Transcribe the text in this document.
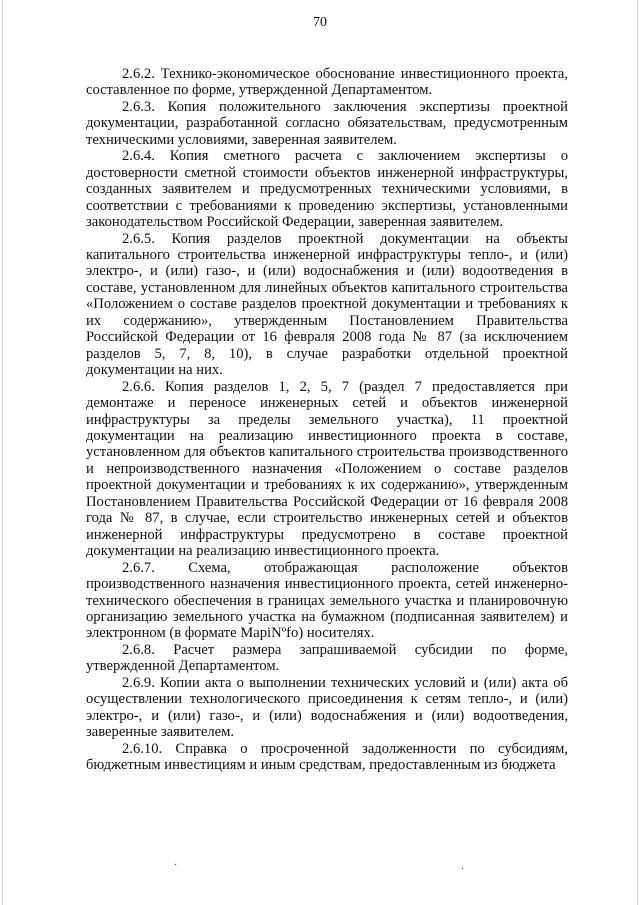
70

2.6.2. Технико-экономическое обоснование инвестиционного проекта, составленное по форме, утвержденной Департаментом.

2.6.3. Копия положительного заключения экспертизы проектной документации, разработанной согласно обязательствам, предусмотренным техническими условиями, заверенная заявителем.

2.6.4. Копия сметного расчета с заключением экспертизы о достоверности сметной стоимости объектов инженерной инфраструктуры, созданных заявителем и предусмотренных техническими условиями, в соответствии с требованиями к проведению экспертизы, установленными законодательством Российской Федерации, заверенная заявителем.

2.6.5. Копия разделов проектной документации на объекты капитального строительства инженерной инфраструктуры тепло-, и (или) электро-, и (или) газо-, и (или) водоснабжения и (или) водоотведения в составе, установленном для линейных объектов капитального строительства «Положением о составе разделов проектной документации и требованиях к их содержанию», утвержденным Постановлением Правительства Российской Федерации от 16 февраля 2008 года № 87 (за исключением разделов 5, 7, 8, 10), в случае разработки отдельной проектной документации на них.

2.6.6. Копия разделов 1, 2, 5, 7 (раздел 7 предоставляется при демонтаже и переносе инженерных сетей и объектов инженерной инфраструктуры за пределы земельного участка), 11 проектной документации на реализацию инвестиционного проекта в составе, установленном для объектов капитального строительства производственного и непроизводственного назначения «Положением о составе разделов проектной документации и требованиях к их содержанию», утвержденным Постановлением Правительства Российской Федерации от 16 февраля 2008 года № 87, в случае, если строительство инженерных сетей и объектов инженерной инфраструктуры предусмотрено в составе проектной документации на реализацию инвестиционного проекта.

2.6.7. Схема, отображающая расположение объектов производственного назначения инвестиционного проекта, сетей инженерно-технического обеспечения в границах земельного участка и планировочную организацию земельного участка на бумажном (подписанная заявителем) и электронном (в формате MapiNºfo) носителях.

2.6.8. Расчет размера запрашиваемой субсидии по форме, утвержденной Департаментом.

2.6.9. Копии акта о выполнении технических условий и (или) акта об осуществлении технологического присоединения к сетям тепло-, и (или) электро-, и (или) газо-, и (или) водоснабжения и (или) водоотведения, заверенные заявителем.

2.6.10. Справка о просроченной задолженности по субсидиям, бюджетным инвестициям и иным средствам, предоставленным из бюджета

·	·
